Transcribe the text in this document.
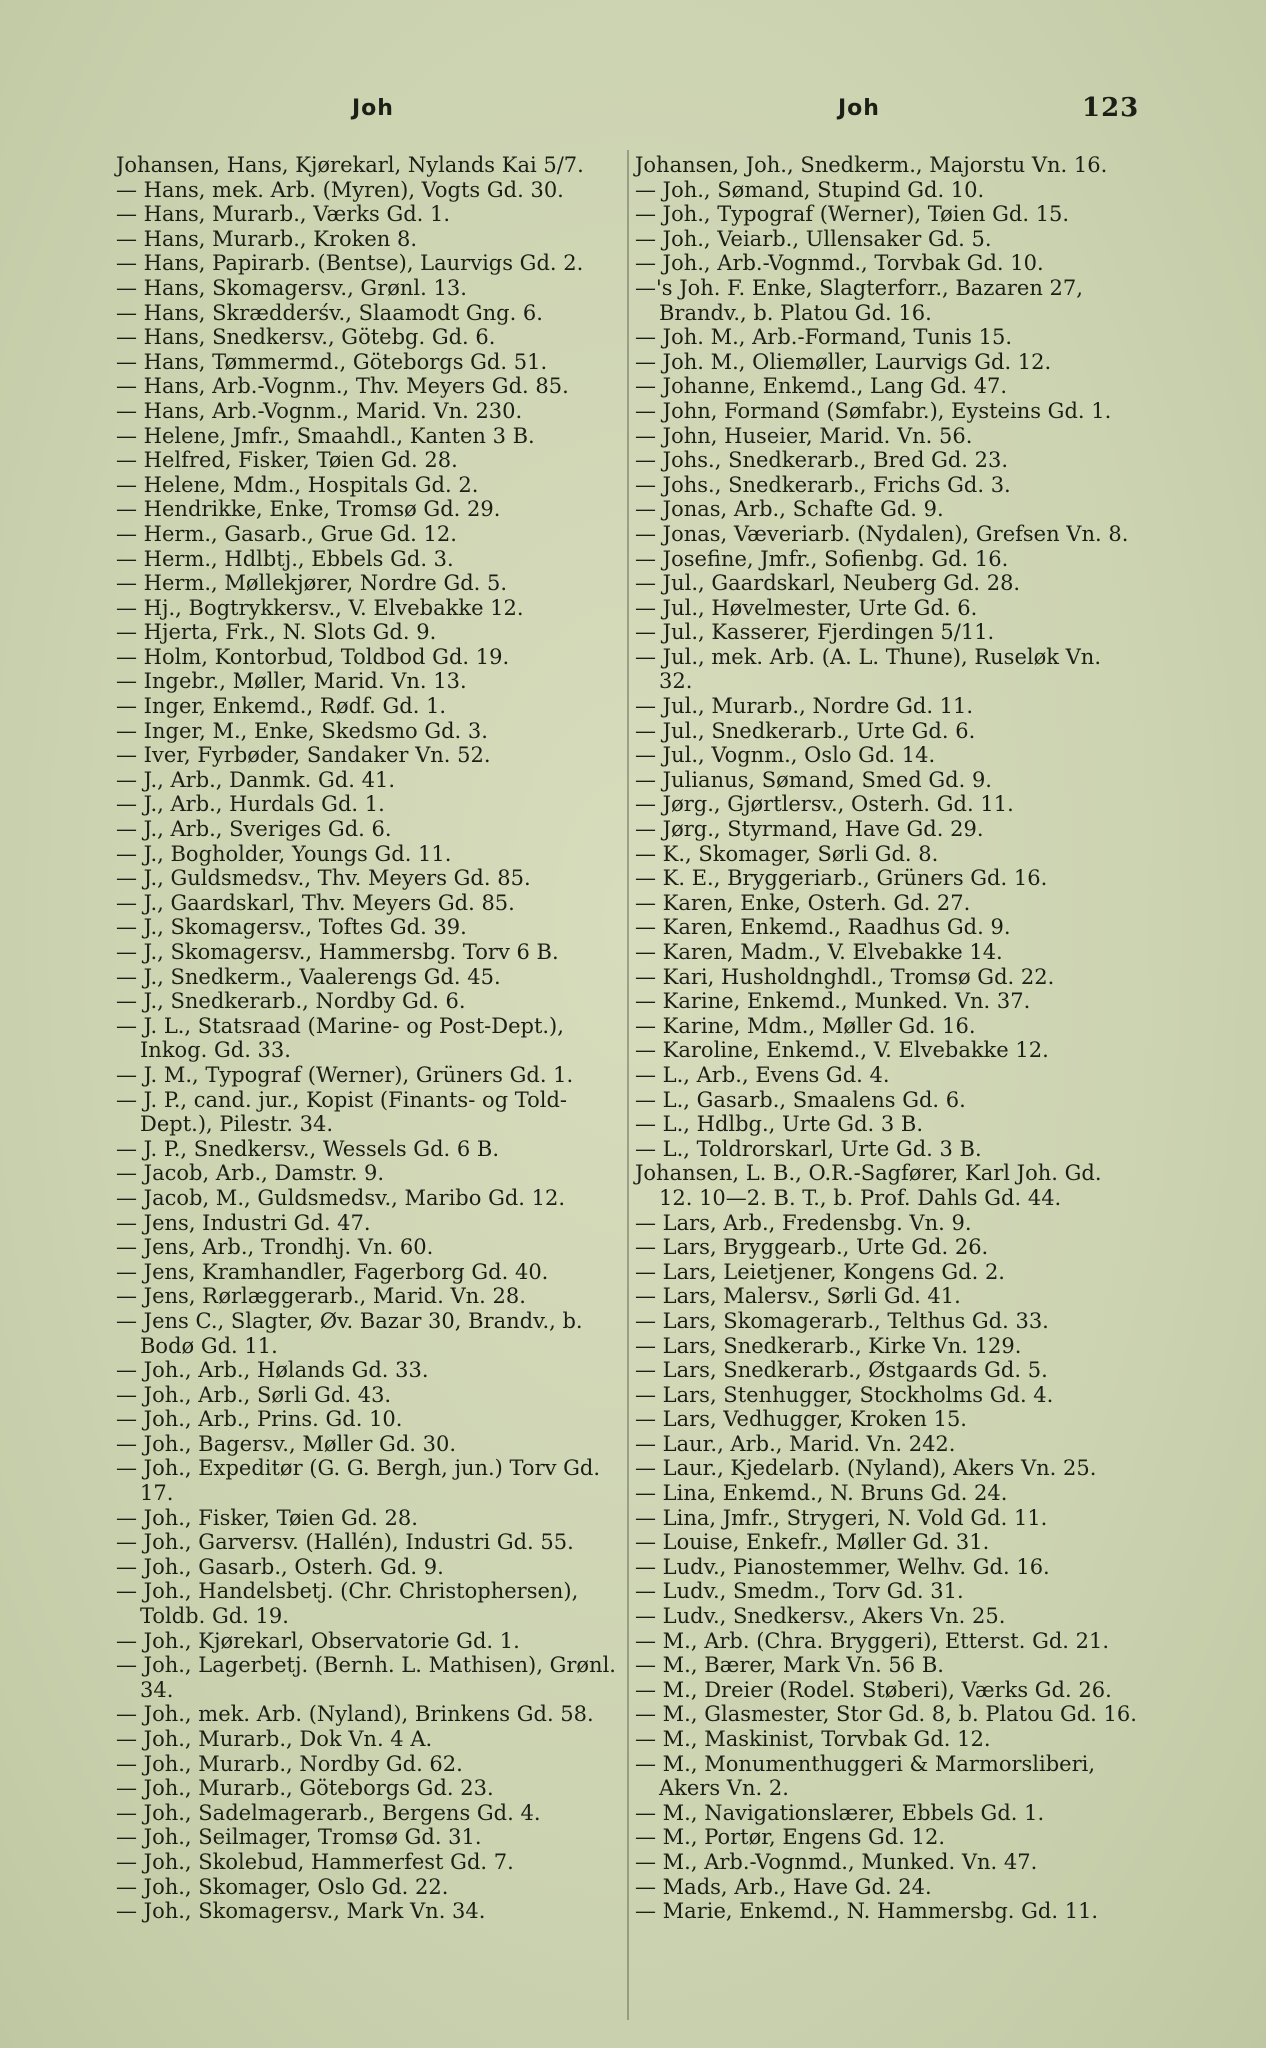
Joh	Joh	123
Johansen, Hans, Kjørekarl, Nylands Kai 5/7.
— Hans, mek. Arb. (Myren), Vogts Gd. 30.
— Hans, Murarb., Værks Gd. 1.
— Hans, Murarb., Kroken 8.
— Hans, Papirarb. (Bentse), Laurvigs Gd. 2.
— Hans, Skomagersv., Grønl. 13.
— Hans, Skrædderśv., Slaamodt Gng. 6.
— Hans, Snedkersv., Götebg. Gd. 6.
— Hans, Tømmermd., Göteborgs Gd. 51.
— Hans, Arb.-Vognm., Thv. Meyers Gd. 85.
— Hans, Arb.-Vognm., Marid. Vn. 230.
— Helene, Jmfr., Smaahdl., Kanten 3 B.
— Helfred, Fisker, Tøien Gd. 28.
— Helene, Mdm., Hospitals Gd. 2.
— Hendrikke, Enke, Tromsø Gd. 29.
— Herm., Gasarb., Grue Gd. 12.
— Herm., Hdlbtj., Ebbels Gd. 3.
— Herm., Møllekjører, Nordre Gd. 5.
— Hj., Bogtrykkersv., V. Elvebakke 12.
— Hjerta, Frk., N. Slots Gd. 9.
— Holm, Kontorbud, Toldbod Gd. 19.
— Ingebr., Møller, Marid. Vn. 13.
— Inger, Enkemd., Rødf. Gd. 1.
— Inger, M., Enke, Skedsmo Gd. 3.
— Iver, Fyrbøder, Sandaker Vn. 52.
— J., Arb., Danmk. Gd. 41.
— J., Arb., Hurdals Gd. 1.
— J., Arb., Sveriges Gd. 6.
— J., Bogholder, Youngs Gd. 11.
— J., Guldsmedsv., Thv. Meyers Gd. 85.
— J., Gaardskarl, Thv. Meyers Gd. 85.
— J., Skomagersv., Toftes Gd. 39.
— J., Skomagersv., Hammersbg. Torv 6 B.
— J., Snedkerm., Vaalerengs Gd. 45.
— J., Snedkerarb., Nordby Gd. 6.
— J. L., Statsraad (Marine- og Post-Dept.), Inkog. Gd. 33.
— J. M., Typograf (Werner), Grüners Gd. 1.
— J. P., cand. jur., Kopist (Finants- og Told-Dept.), Pilestr. 34.
— J. P., Snedkersv., Wessels Gd. 6 B.
— Jacob, Arb., Damstr. 9.
— Jacob, M., Guldsmedsv., Maribo Gd. 12.
— Jens, Industri Gd. 47.
— Jens, Arb., Trondhj. Vn. 60.
— Jens, Kramhandler, Fagerborg Gd. 40.
— Jens, Rørlæggerarb., Marid. Vn. 28.
— Jens C., Slagter, Øv. Bazar 30, Brandv., b. Bodø Gd. 11.
— Joh., Arb., Hølands Gd. 33.
— Joh., Arb., Sørli Gd. 43.
— Joh., Arb., Prins. Gd. 10.
— Joh., Bagersv., Møller Gd. 30.
— Joh., Expeditør (G. G. Bergh, jun.) Torv Gd. 17.
— Joh., Fisker, Tøien Gd. 28.
— Joh., Garversv. (Hallén), Industri Gd. 55.
— Joh., Gasarb., Osterh. Gd. 9.
— Joh., Handelsbetj. (Chr. Christophersen), Toldb. Gd. 19.
— Joh., Kjørekarl, Observatorie Gd. 1.
— Joh., Lagerbetj. (Bernh. L. Mathisen), Grønl. 34.
— Joh., mek. Arb. (Nyland), Brinkens Gd. 58.
— Joh., Murarb., Dok Vn. 4 A.
— Joh., Murarb., Nordby Gd. 62.
— Joh., Murarb., Göteborgs Gd. 23.
— Joh., Sadelmagerarb., Bergens Gd. 4.
— Joh., Seilmager, Tromsø Gd. 31.
— Joh., Skolebud, Hammerfest Gd. 7.
— Joh., Skomager, Oslo Gd. 22.
— Joh., Skomagersv., Mark Vn. 34.
Johansen, Joh., Snedkerm., Majorstu Vn. 16.
— Joh., Sømand, Stupind Gd. 10.
— Joh., Typograf (Werner), Tøien Gd. 15.
— Joh., Veiarb., Ullensaker Gd. 5.
— Joh., Arb.-Vognmd., Torvbak Gd. 10.
—'s Joh. F. Enke, Slagterforr., Bazaren 27, Brandv., b. Platou Gd. 16.
— Joh. M., Arb.-Formand, Tunis 15.
— Joh. M., Oliemøller, Laurvigs Gd. 12.
— Johanne, Enkemd., Lang Gd. 47.
— John, Formand (Sømfabr.), Eysteins Gd. 1.
— John, Huseier, Marid. Vn. 56.
— Johs., Snedkerarb., Bred Gd. 23.
— Johs., Snedkerarb., Frichs Gd. 3.
— Jonas, Arb., Schafte Gd. 9.
— Jonas, Væveriarb. (Nydalen), Grefsen Vn. 8.
— Josefine, Jmfr., Sofienbg. Gd. 16.
— Jul., Gaardskarl, Neuberg Gd. 28.
— Jul., Høvelmester, Urte Gd. 6.
— Jul., Kasserer, Fjerdingen 5/11.
— Jul., mek. Arb. (A. L. Thune), Ruseløk Vn. 32.
— Jul., Murarb., Nordre Gd. 11.
— Jul., Snedkerarb., Urte Gd. 6.
— Jul., Vognm., Oslo Gd. 14.
— Julianus, Sømand, Smed Gd. 9.
— Jørg., Gjørtlersv., Osterh. Gd. 11.
— Jørg., Styrmand, Have Gd. 29.
— K., Skomager, Sørli Gd. 8.
— K. E., Bryggeriarb., Grüners Gd. 16.
— Karen, Enke, Osterh. Gd. 27.
— Karen, Enkemd., Raadhus Gd. 9.
— Karen, Madm., V. Elvebakke 14.
— Kari, Husholdnghdl., Tromsø Gd. 22.
— Karine, Enkemd., Munked. Vn. 37.
— Karine, Mdm., Møller Gd. 16.
— Karoline, Enkemd., V. Elvebakke 12.
— L., Arb., Evens Gd. 4.
— L., Gasarb., Smaalens Gd. 6.
— L., Hdlbg., Urte Gd. 3 B.
— L., Toldrorskarl, Urte Gd. 3 B.
Johansen, L. B., O.R.-Sagfører, Karl Joh. Gd. 12. 10—2. B. T., b. Prof. Dahls Gd. 44.
— Lars, Arb., Fredensbg. Vn. 9.
— Lars, Bryggearb., Urte Gd. 26.
— Lars, Leietjener, Kongens Gd. 2.
— Lars, Malersv., Sørli Gd. 41.
— Lars, Skomagerarb., Telthus Gd. 33.
— Lars, Snedkerarb., Kirke Vn. 129.
— Lars, Snedkerarb., Østgaards Gd. 5.
— Lars, Stenhugger, Stockholms Gd. 4.
— Lars, Vedhugger, Kroken 15.
— Laur., Arb., Marid. Vn. 242.
— Laur., Kjedelarb. (Nyland), Akers Vn. 25.
— Lina, Enkemd., N. Bruns Gd. 24.
— Lina, Jmfr., Strygeri, N. Vold Gd. 11.
— Louise, Enkefr., Møller Gd. 31.
— Ludv., Pianostemmer, Welhv. Gd. 16.
— Ludv., Smedm., Torv Gd. 31.
— Ludv., Snedkersv., Akers Vn. 25.
— M., Arb. (Chra. Bryggeri), Etterst. Gd. 21.
— M., Bærer, Mark Vn. 56 B.
— M., Dreier (Rodel. Støberi), Værks Gd. 26.
— M., Glasmester, Stor Gd. 8, b. Platou Gd. 16.
— M., Maskinist, Torvbak Gd. 12.
— M., Monumenthuggeri & Marmorsliberi, Akers Vn. 2.
— M., Navigationslærer, Ebbels Gd. 1.
— M., Portør, Engens Gd. 12.
— M., Arb.-Vognmd., Munked. Vn. 47.
— Mads, Arb., Have Gd. 24.
— Marie, Enkemd., N. Hammersbg. Gd. 11.
